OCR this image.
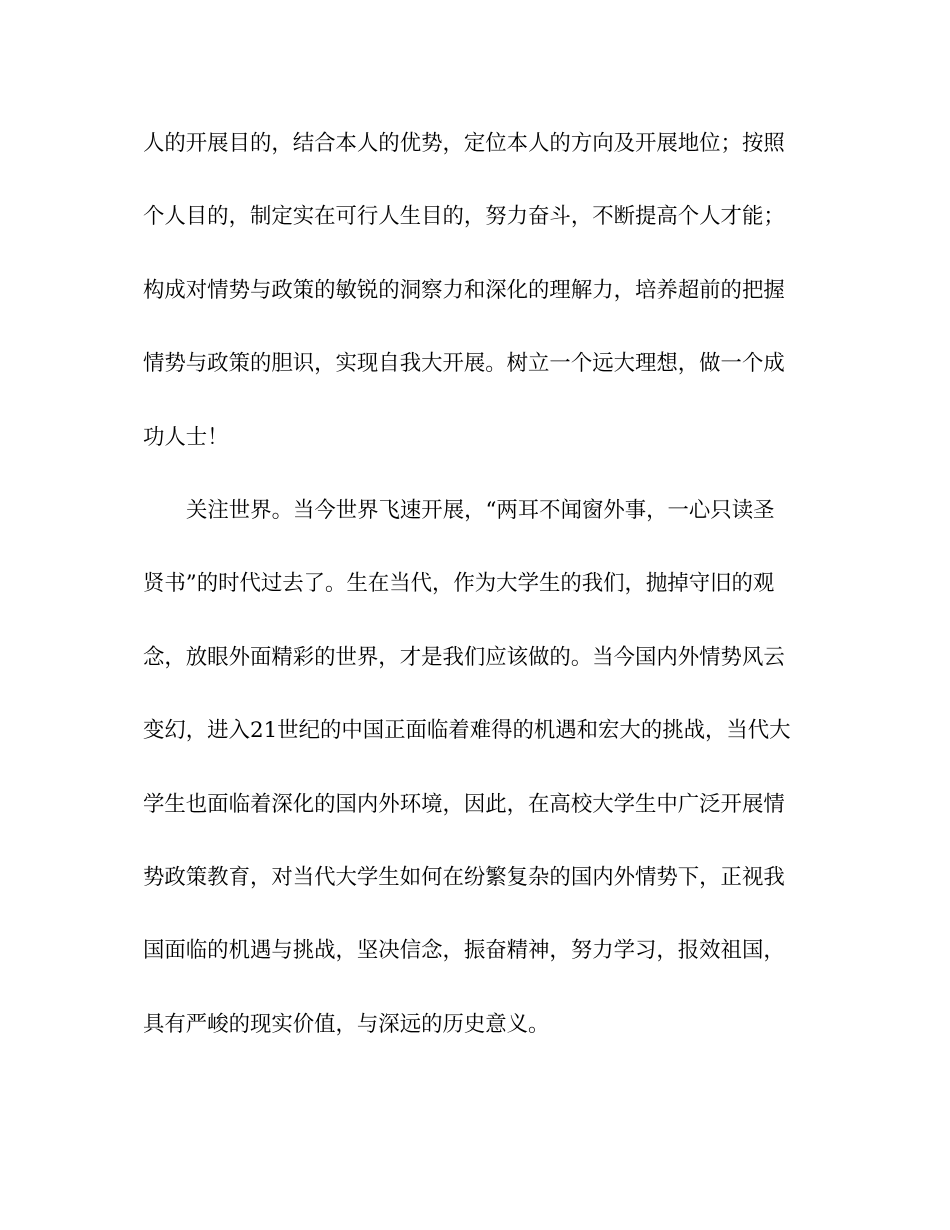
人的开展目的，结合本人的优势，定位本人的方向及开展地位；按照

个人目的，制定实在可行人生目的，努力奋斗，不断提高个人才能；

构成对情势与政策的敏锐的洞察力和深化的理解力，培养超前的把握

情势与政策的胆识，实现自我大开展。树立一个远大理想，做一个成

功人士！

关注世界。当今世界飞速开展，“两耳不闻窗外事，一心只读圣

贤书”的时代过去了。生在当代，作为大学生的我们，抛掉守旧的观

念，放眼外面精彩的世界，才是我们应该做的。当今国内外情势风云

变幻，进入21世纪的中国正面临着难得的机遇和宏大的挑战，当代大

学生也面临着深化的国内外环境，因此，在高校大学生中广泛开展情

势政策教育，对当代大学生如何在纷繁复杂的国内外情势下，正视我

国面临的机遇与挑战，坚决信念，振奋精神，努力学习，报效祖国，

具有严峻的现实价值，与深远的历史意义。
